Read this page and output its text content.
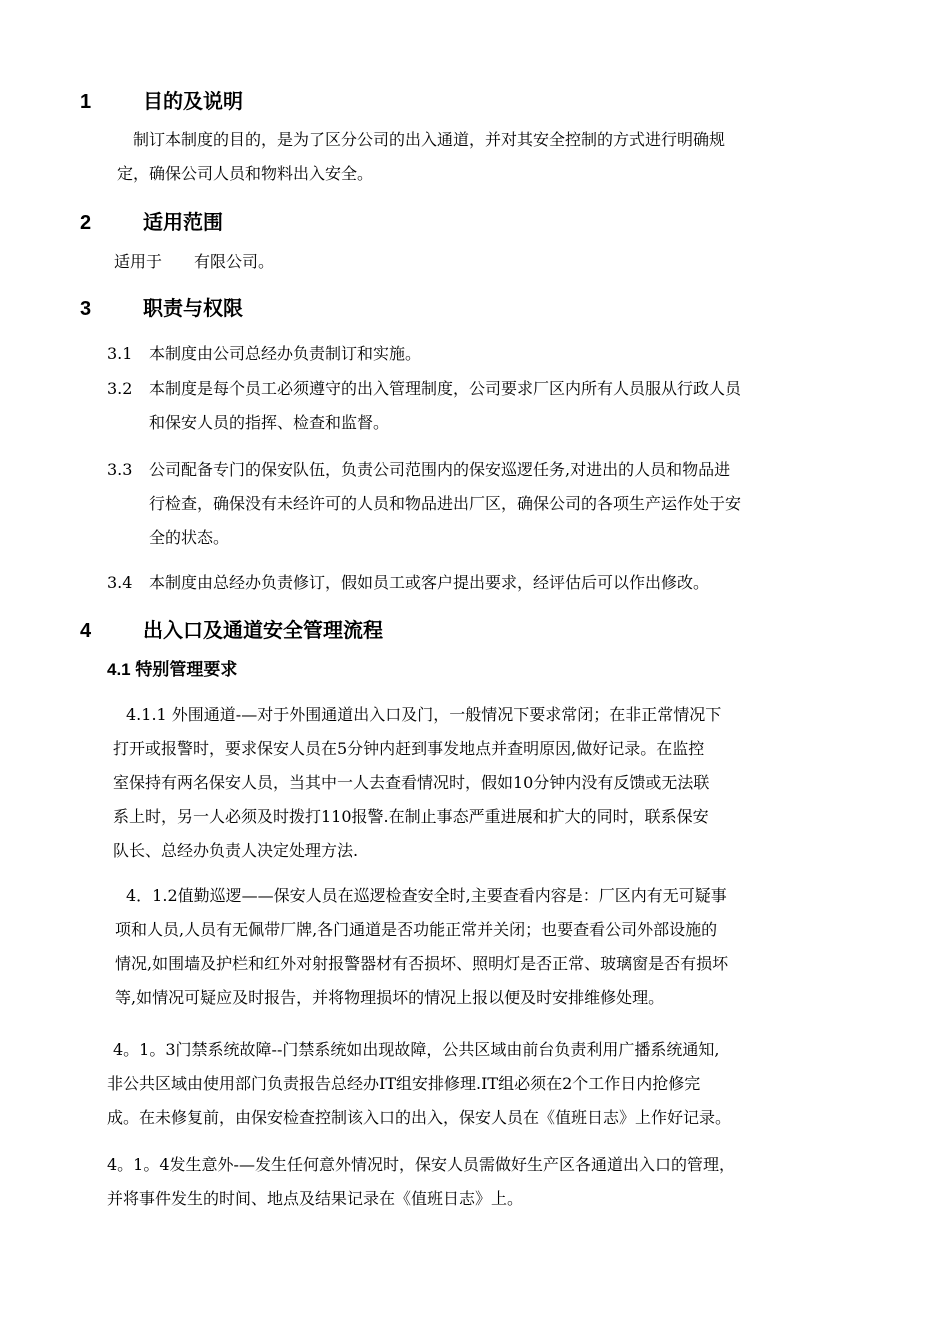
1	目的及说明
　制订本制度的目的，是为了区分公司的出入通道，并对其安全控制的方式进行明确规
定，确保公司人员和物料出入安全。
2	适用范围
适用于　　有限公司。
3	职责与权限
3.1 本制度由公司总经办负责制订和实施。
3.2 本制度是每个员工必须遵守的出入管理制度，公司要求厂区内所有人员服从行政人员
和保安人员的指挥、检查和监督。
3.3 公司配备专门的保安队伍，负责公司范围内的保安巡逻任务,对进出的人员和物品进
行检查，确保没有未经许可的人员和物品进出厂区，确保公司的各项生产运作处于安
全的状态。
3.4 本制度由总经办负责修订，假如员工或客户提出要求，经评估后可以作出修改。
4	出入口及通道安全管理流程
4.1 特别管理要求
4.1.1 外围通道-—对于外围通道出入口及门，一般情况下要求常闭；在非正常情况下
打开或报警时，要求保安人员在5分钟内赶到事发地点并查明原因,做好记录。在监控
室保持有两名保安人员，当其中一人去查看情况时，假如10分钟内没有反馈或无法联
系上时，另一人必须及时拨打110报警.在制止事态严重进展和扩大的同时，联系保安
队长、总经办负责人决定处理方法.
4．1.2值勤巡逻——保安人员在巡逻检查安全时,主要查看内容是：厂区内有无可疑事
项和人员,人员有无佩带厂牌,各门通道是否功能正常并关闭；也要查看公司外部设施的
情况,如围墙及护栏和红外对射报警器材有否损坏、照明灯是否正常、玻璃窗是否有损坏
等,如情况可疑应及时报告，并将物理损坏的情况上报以便及时安排维修处理。
4。1。3门禁系统故障--门禁系统如出现故障，公共区域由前台负责利用广播系统通知,
非公共区域由使用部门负责报告总经办IT组安排修理.IT组必须在2个工作日内抢修完
成。在未修复前，由保安检查控制该入口的出入，保安人员在《值班日志》上作好记录。
4。1。4发生意外-—发生任何意外情况时，保安人员需做好生产区各通道出入口的管理，
并将事件发生的时间、地点及结果记录在《值班日志》上。
